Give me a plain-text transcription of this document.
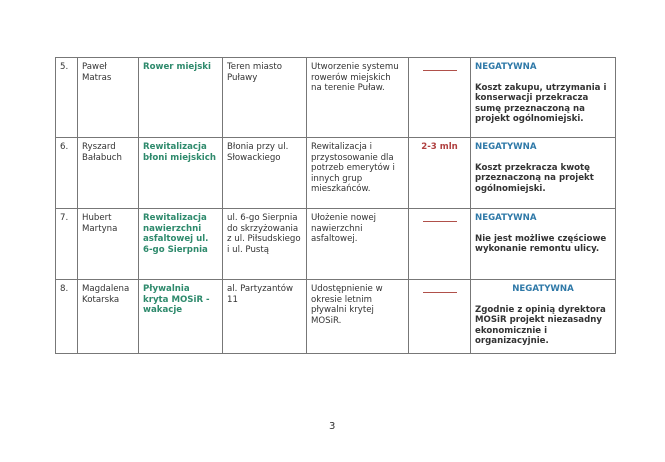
5.	Paweł Matras	Rower miejski	Teren miasto Puławy	Utworzenie systemu rowerów miejskich na terenie Puław.		NEGATYWNA
Koszt zakupu, utrzymania i konserwacji przekracza sumę przeznaczoną na projekt ogólnomiejski.
6.	Ryszard Bałabuch	Rewitalizacja błoni miejskich	Błonia przy ul. Słowackiego	Rewitalizacja i przystosowanie dla potrzeb emerytów i innych grup mieszkańców.	2-3 mln	NEGATYWNA
Koszt przekracza kwotę przeznaczoną na projekt ogólnomiejski.
7.	Hubert Martyna	Rewitalizacja nawierzchni asfaltowej ul. 6-go Sierpnia	ul. 6-go Sierpnia do skrzyżowania z ul. Piłsudskiego i ul. Pustą	Ułożenie nowej nawierzchni asfaltowej.		NEGATYWNA
Nie jest możliwe częściowe wykonanie remontu ulicy.
8.	Magdalena Kotarska	Pływalnia kryta MOSiR - wakacje	al. Partyzantów 11	Udostępnienie w okresie letnim pływalni krytej MOSiR.		NEGATYWNA
Zgodnie z opinią dyrektora MOSiR projekt niezasadny ekonomicznie i organizacyjnie.
3
